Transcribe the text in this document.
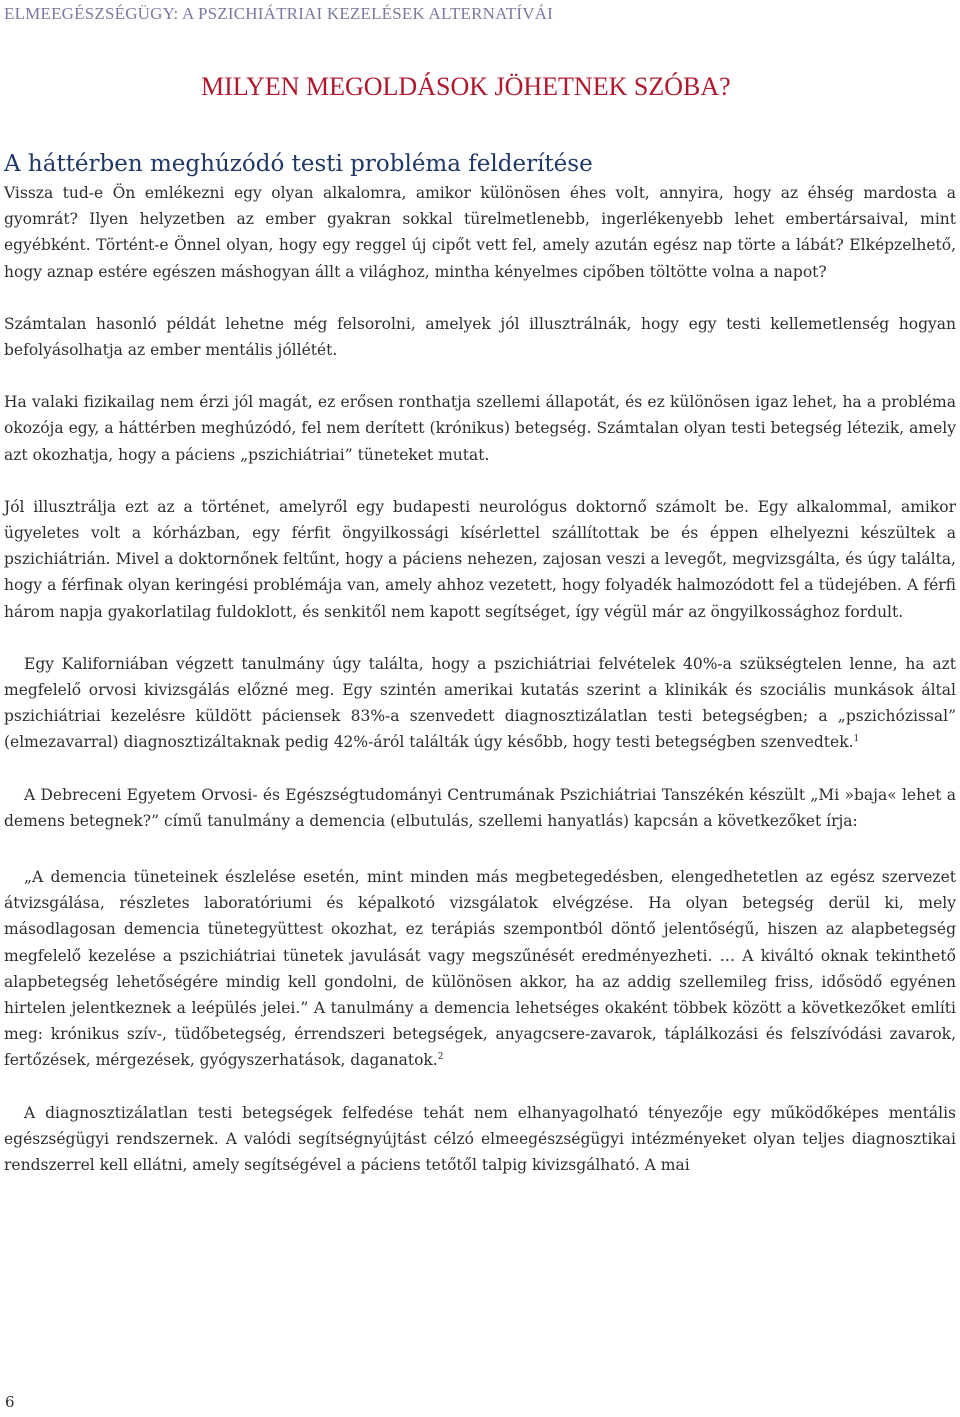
ELMEEGÉSZSÉGÜGY: A PSZICHIÁTRIAI KEZELÉSEK ALTERNATÍVÁI
MILYEN MEGOLDÁSOK JÖHETNEK SZÓBA?
A háttérben meghúzódó testi probléma felderítése

Vissza tud-e Ön emlékezni egy olyan alkalomra, amikor különösen éhes volt, annyira, hogy az éhség mardosta a gyomrát? Ilyen helyzetben az ember gyakran sokkal türelmetlenebb, ingerlékenyebb lehet embertársaival, mint egyébként. Történt-e Önnel olyan, hogy egy reggel új cipőt vett fel, amely azután egész nap törte a lábát? Elképzelhető, hogy aznap estére egészen máshogyan állt a világhoz, mintha kényelmes cipőben töltötte volna a napot?

Számtalan hasonló példát lehetne még felsorolni, amelyek jól illusztrálnák, hogy egy testi kellemetlenség hogyan befolyásolhatja az ember mentális jóllétét.

Ha valaki fizikailag nem érzi jól magát, ez erősen ronthatja szellemi állapotát, és ez különösen igaz lehet, ha a probléma okozója egy, a háttérben meghúzódó, fel nem derített (krónikus) betegség. Számtalan olyan testi betegség létezik, amely azt okozhatja, hogy a páciens „pszichiátriai” tüneteket mutat.

Jól illusztrálja ezt az a történet, amelyről egy budapesti neurológus doktornő számolt be. Egy alkalommal, amikor ügyeletes volt a kórházban, egy férfit öngyilkossági kísérlettel szállítottak be és éppen elhelyezni készültek a pszichiátrián. Mivel a doktornőnek feltűnt, hogy a páciens nehezen, zajosan veszi a levegőt, megvizsgálta, és úgy találta, hogy a férfinak olyan keringési problémája van, amely ahhoz vezetett, hogy folyadék halmozódott fel a tüdejében. A férfi három napja gyakorlatilag fuldoklott, és senkitől nem kapott segítséget, így végül már az öngyilkossághoz fordult.

Egy Kaliforniában végzett tanulmány úgy találta, hogy a pszichiátriai felvételek 40%-a szükségtelen lenne, ha azt megfelelő orvosi kivizsgálás előzné meg. Egy szintén amerikai kutatás szerint a klinikák és szociális munkások által pszichiátriai kezelésre küldött páciensek 83%-a szenvedett diagnosztizálatlan testi betegségben; a „pszichózissal” (elmezavarral) diagnosztizáltaknak pedig 42%-áról találták úgy később, hogy testi betegségben szenvedtek.$^1$

A Debreceni Egyetem Orvosi- és Egészségtudományi Centrumának Pszichiátriai Tanszékén készült „Mi »baja« lehet a demens betegnek?” című tanulmány a demencia (elbutulás, szellemi hanyatlás) kapcsán a következőket írja:

„A demencia tüneteinek észlelése esetén, mint minden más megbetegedésben, elengedhetetlen az egész szervezet átvizsgálása, részletes laboratóriumi és képalkotó vizsgálatok elvégzése. Ha olyan betegség derül ki, mely másodlagosan demencia tünetegyüttest okozhat, ez terápiás szempontból döntő jelentőségű, hiszen az alapbetegség megfelelő kezelése a pszichiátriai tünetek javulását vagy megszűnését eredményezheti. … A kiváltó oknak tekinthető alapbetegség lehetőségére mindig kell gondolni, de különösen akkor, ha az addig szellemileg friss, idősödő egyénen hirtelen jelentkeznek a leépülés jelei.” A tanulmány a demencia lehetséges okaként többek között a következőket említi meg: krónikus szív-, tüdőbetegség, érrendszeri betegségek, anyagcsere-zavarok, táplálkozási és felszívódási zavarok, fertőzések, mérgezések, gyógyszerhatások, daganatok.$^2$

A diagnosztizálatlan testi betegségek felfedése tehát nem elhanyagolható tényezője egy működőképes mentális egészségügyi rendszernek. A valódi segítségnyújtást célzó elmeegészségügyi intézményeket olyan teljes diagnosztikai rendszerrel kell ellátni, amely segítségével a páciens tetőtől talpig kivizsgálható. A mai

6
